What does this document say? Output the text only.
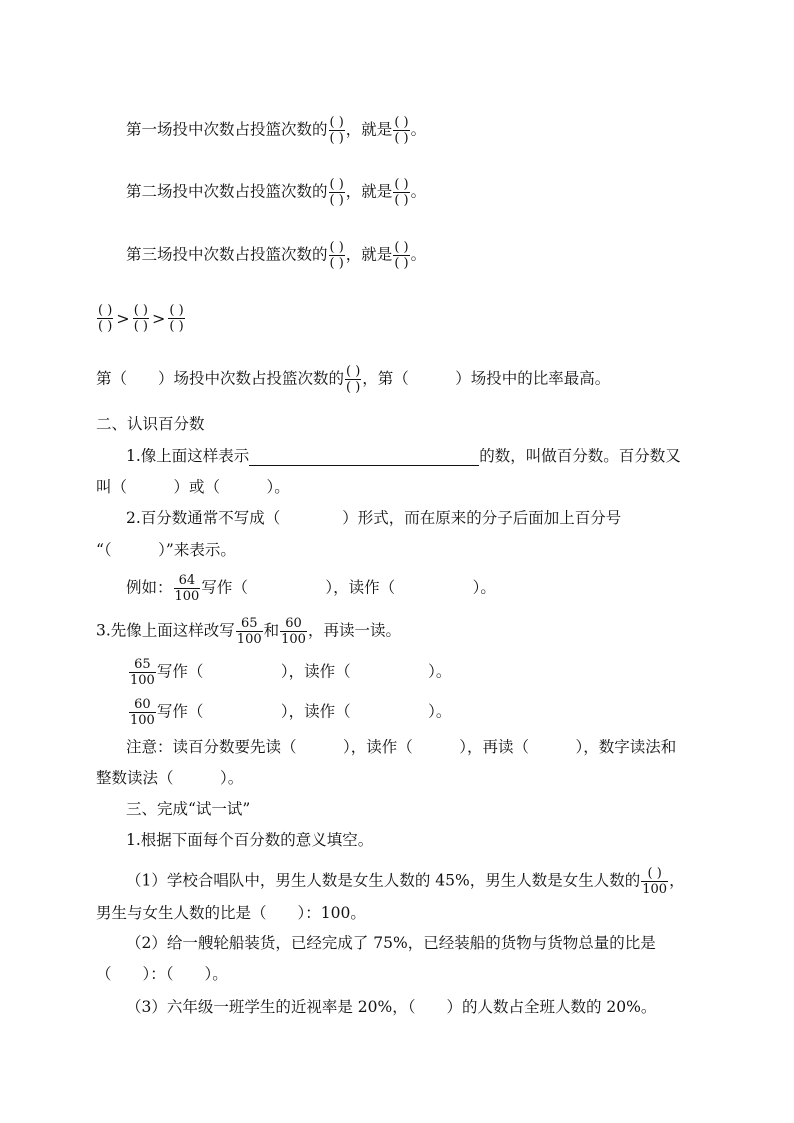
第一场投中次数占投篮次数的 $\frac{( )}{( )}$ ，就是 $\frac{( )}{( )}$ 。
第二场投中次数占投篮次数的 $\frac{( )}{( )}$ ，就是 $\frac{( )}{( )}$ 。
第三场投中次数占投篮次数的 $\frac{( )}{( )}$ ，就是 $\frac{( )}{( )}$ 。
$\frac{( )}{( )} > \frac{( )}{( )} > \frac{( )}{( )}$
第（　　）场投中次数占投篮次数的 $\frac{( )}{( )}$ ，第（　　　）场投中的比率最高。
二、认识百分数
1.像上面这样表示	的数，叫做百分数。百分数又
叫（　　　）或（　　　）。
2.百分数通常不写成（　　　　）形式，而在原来的分子后面加上百分号
“（　　　）”来表示。
例如： $\frac{64}{100}$ 写作（　　　　　），读作（　　　　　）。
3.先像上面这样改写 $\frac{65}{100}$ 和 $\frac{60}{100}$ ，再读一读。
$\frac{65}{100}$ 写作（　　　　　），读作（　　　　　）。
$\frac{60}{100}$ 写作（　　　　　），读作（　　　　　）。
注意：读百分数要先读（　　　），读作（　　　），再读（　　　），数字读法和
整数读法（　　　）。
三、完成“试一试”
1.根据下面每个百分数的意义填空。
（1）学校合唱队中，男生人数是女生人数的 45%，男生人数是女生人数的 $\frac{( )}{100}$ ，
男生与女生人数的比是（　　）：100。
（2）给一艘轮船装货，已经完成了 75%，已经装船的货物与货物总量的比是
（　　）：（　　）。
（3）六年级一班学生的近视率是 20%，（　　）的人数占全班人数的 20%。
